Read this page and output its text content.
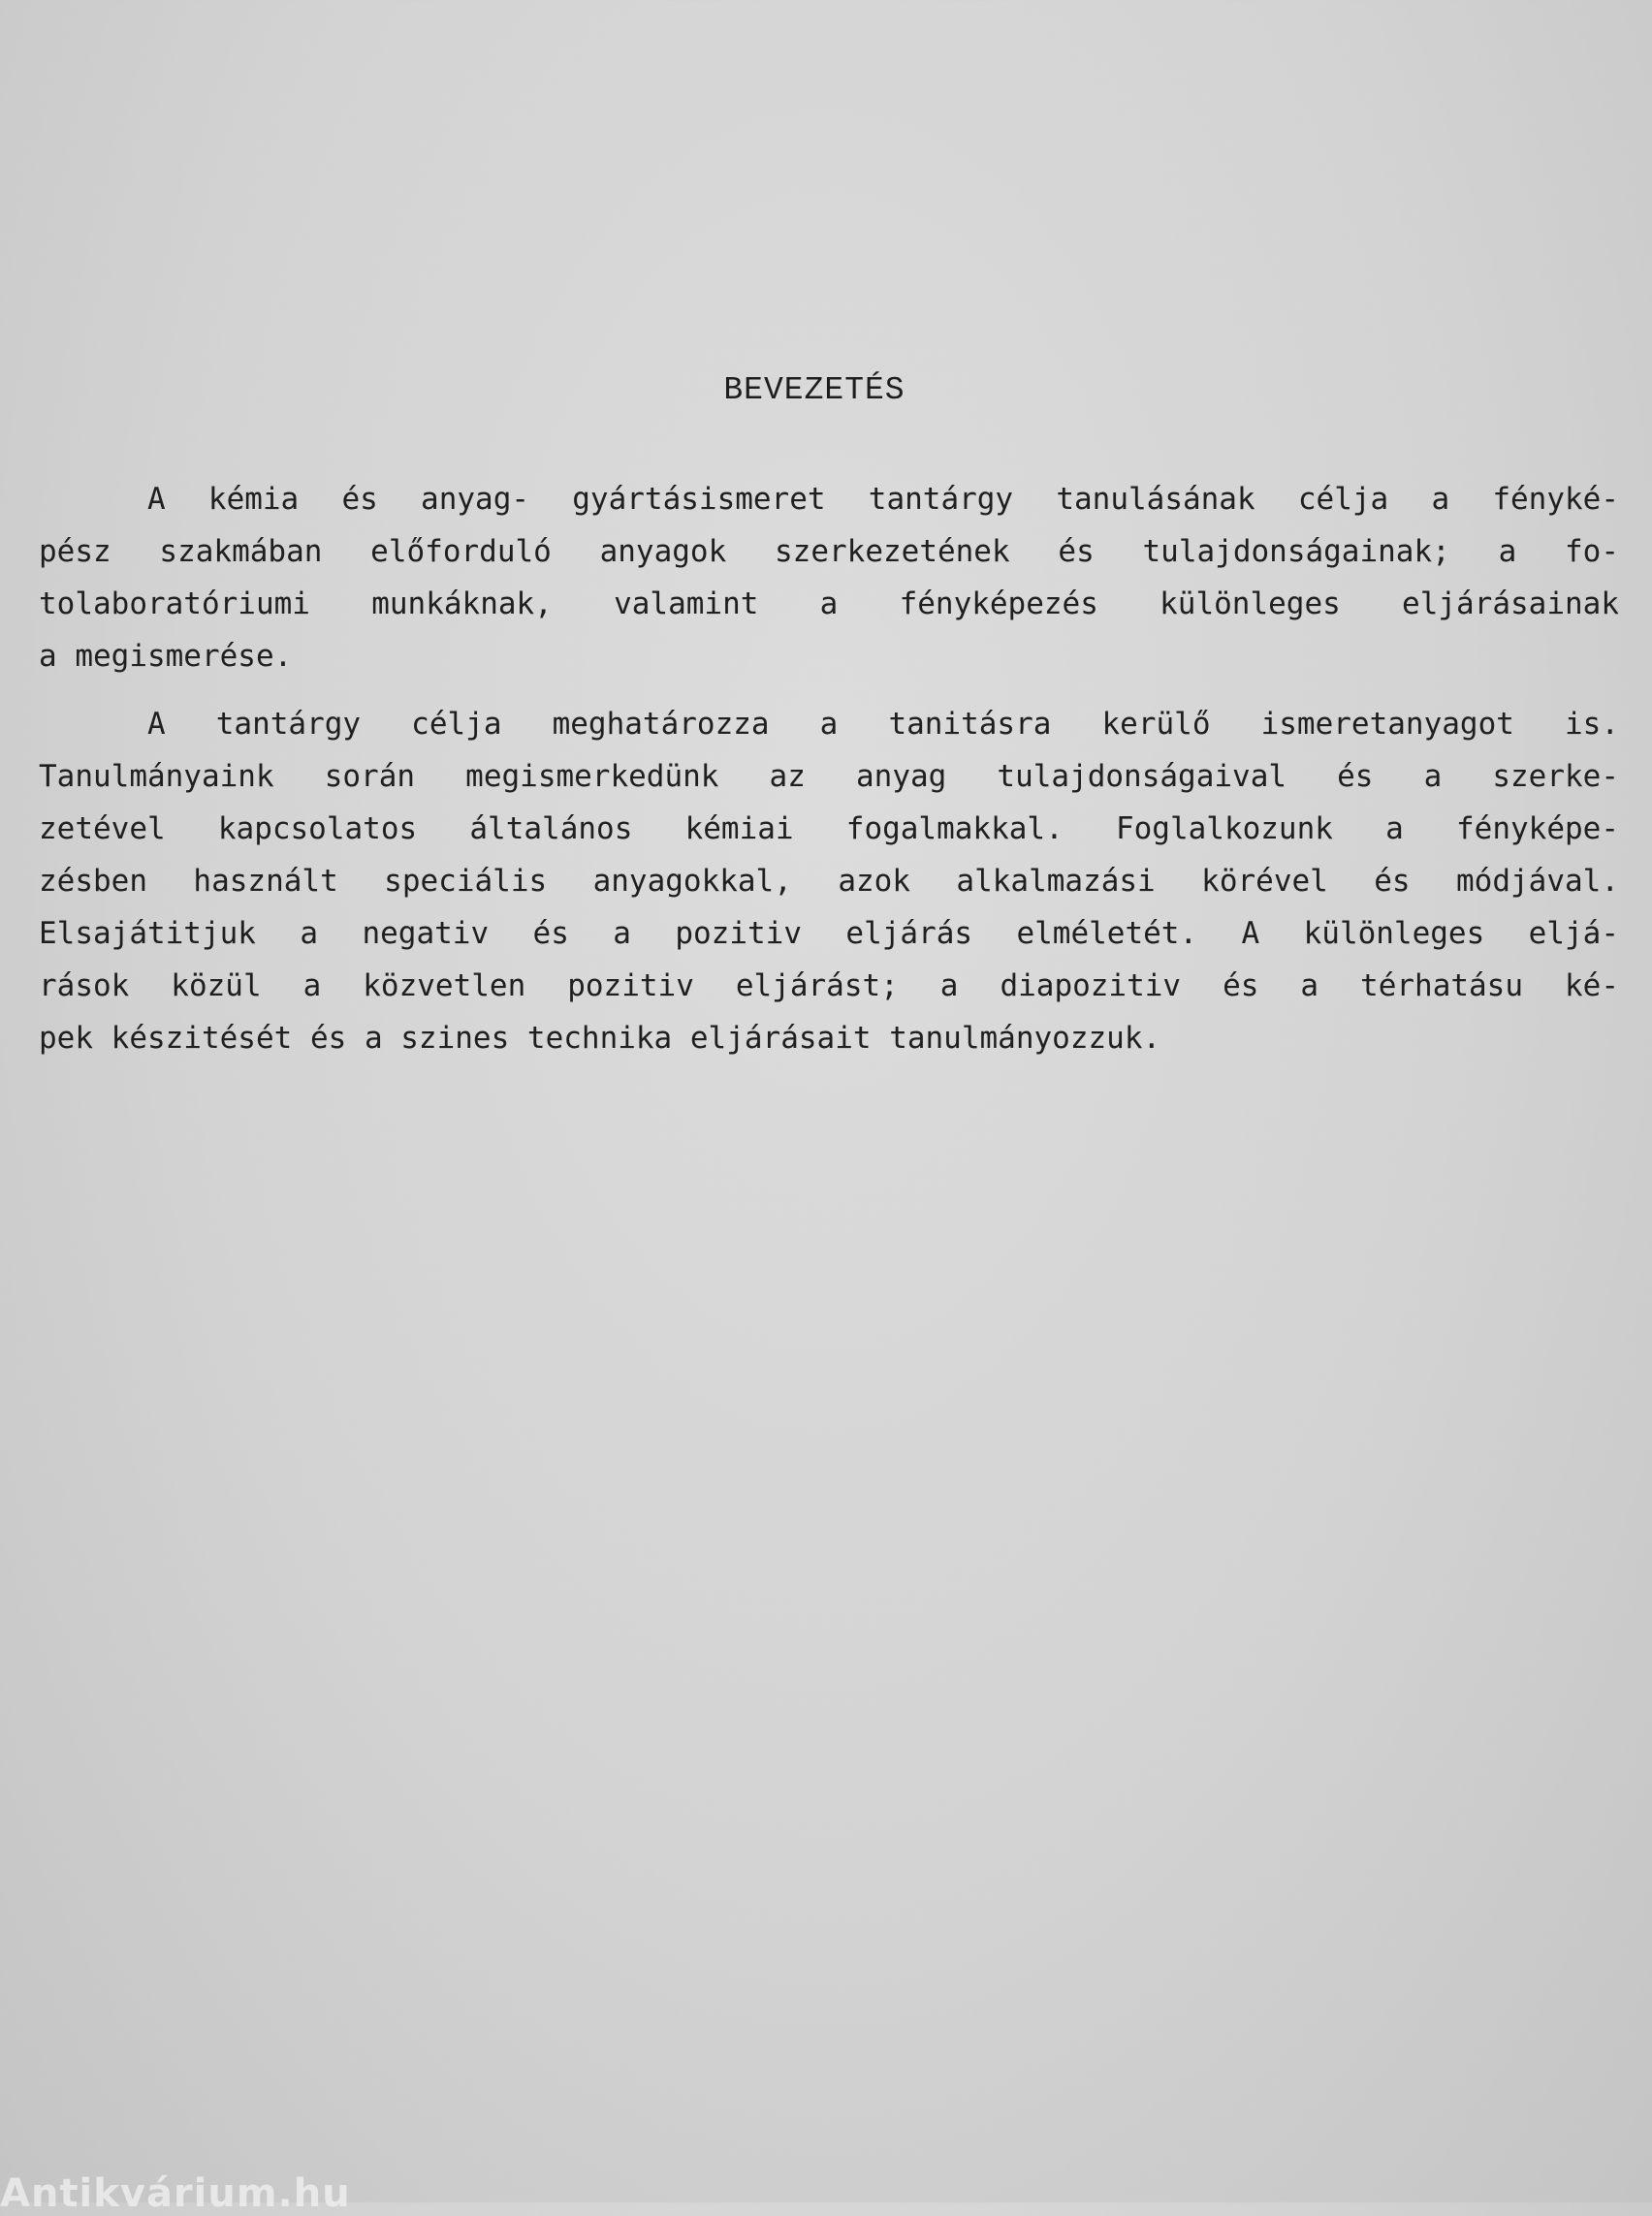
BEVEZETÉS
A kémia és anyag- gyártásismeret tantárgy tanulásának célja a fényké-
pész szakmában előforduló anyagok szerkezetének és tulajdonságainak; a fo-
tolaboratóriumi munkáknak, valamint a fényképezés különleges eljárásainak
a megismerése.
A tantárgy célja meghatározza a tanitásra kerülő ismeretanyagot is.
Tanulmányaink során megismerkedünk az anyag tulajdonságaival és a szerke-
zetével kapcsolatos általános kémiai fogalmakkal. Foglalkozunk a fényképe-
zésben használt speciális anyagokkal, azok alkalmazási körével és módjával.
Elsajátitjuk a negativ és a pozitiv eljárás elméletét. A különleges eljá-
rások közül a közvetlen pozitiv eljárást; a diapozitiv és a térhatásu ké-
pek készitését és a szines technika eljárásait tanulmányozzuk.
Antikvárium.hu
